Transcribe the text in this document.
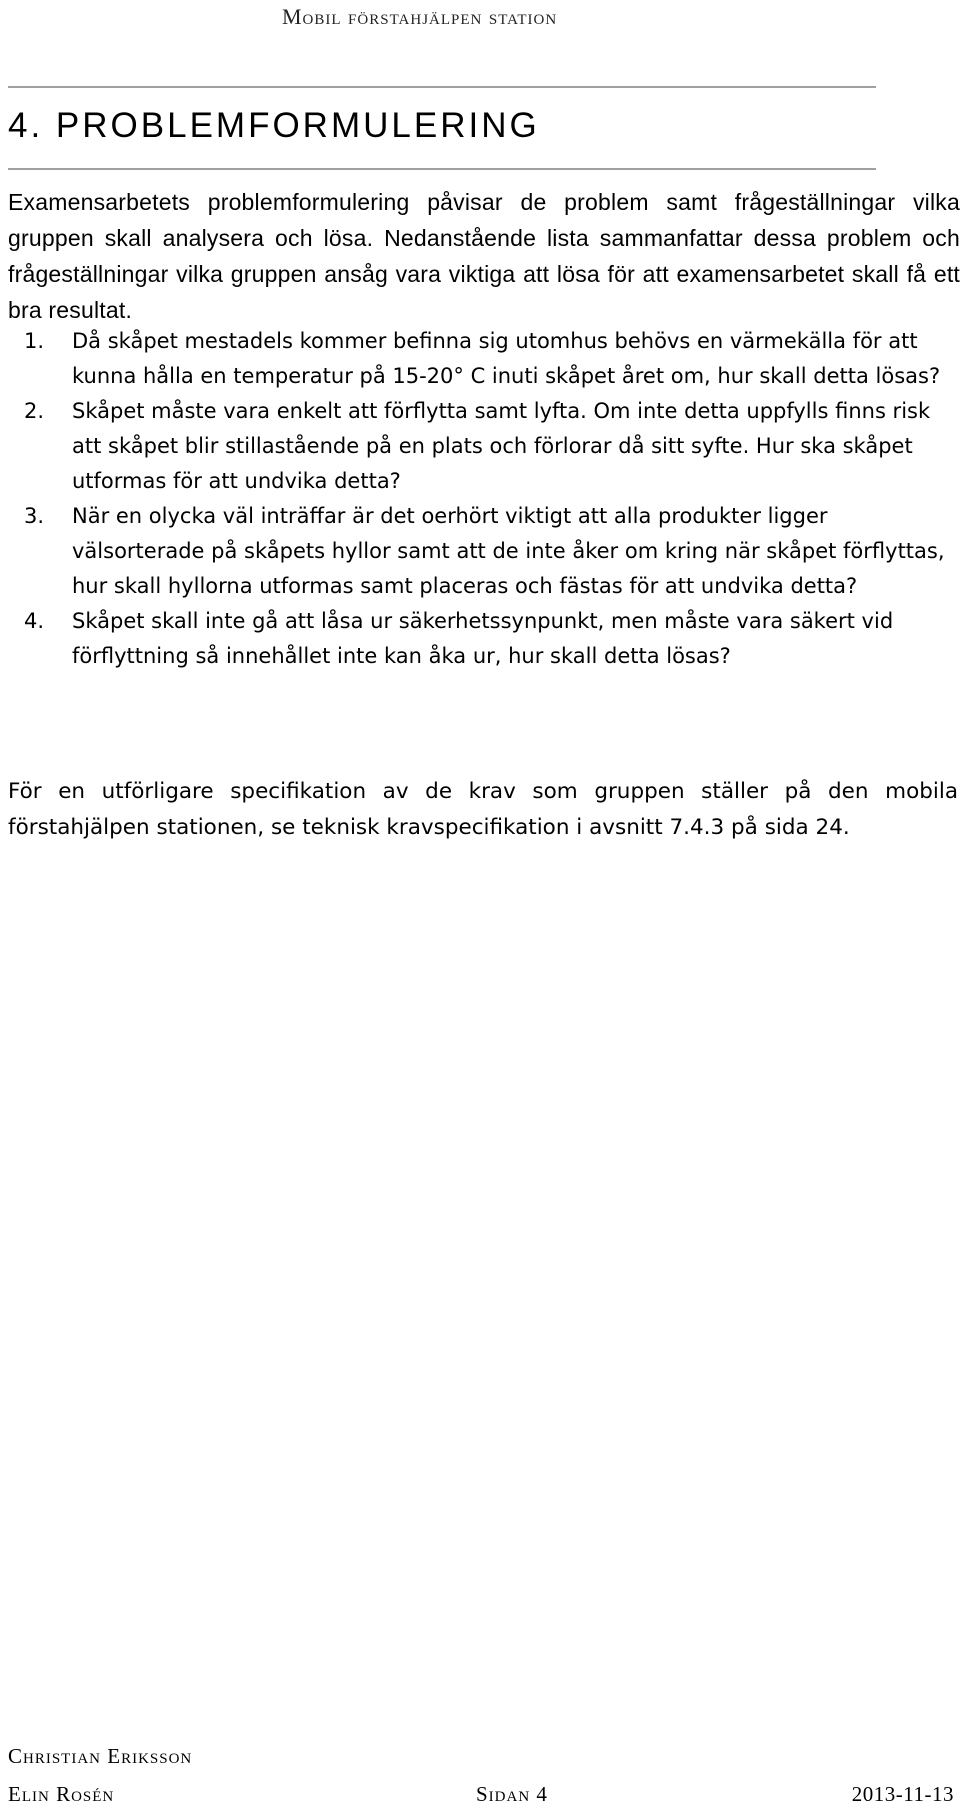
Mobil förstahjälpen station
4. PROBLEMFORMULERING

Examensarbetets problemformulering påvisar de problem samt frågeställningar vilka gruppen skall analysera och lösa. Nedanstående lista sammanfattar dessa problem och frågeställningar vilka gruppen ansåg vara viktiga att lösa för att examensarbetet skall få ett bra resultat.

1. Då skåpet mestadels kommer befinna sig utomhus behövs en värmekälla för att kunna hålla en temperatur på 15-20° C inuti skåpet året om, hur skall detta lösas?
2. Skåpet måste vara enkelt att förflytta samt lyfta. Om inte detta uppfylls finns risk att skåpet blir stillastående på en plats och förlorar då sitt syfte. Hur ska skåpet utformas för att undvika detta?
3. När en olycka väl inträffar är det oerhört viktigt att alla produkter ligger välsorterade på skåpets hyllor samt att de inte åker om kring när skåpet förflyttas, hur skall hyllorna utformas samt placeras och fästas för att undvika detta?
4. Skåpet skall inte gå att låsa ur säkerhetssynpunkt, men måste vara säkert vid förflyttning så innehållet inte kan åka ur, hur skall detta lösas?

För en utförligare specifikation av de krav som gruppen ställer på den mobila förstahjälpen stationen, se teknisk kravspecifikation i avsnitt 7.4.3 på sida 24.

Christian Eriksson
Elin Rosén	Sidan 4	2013-11-13
